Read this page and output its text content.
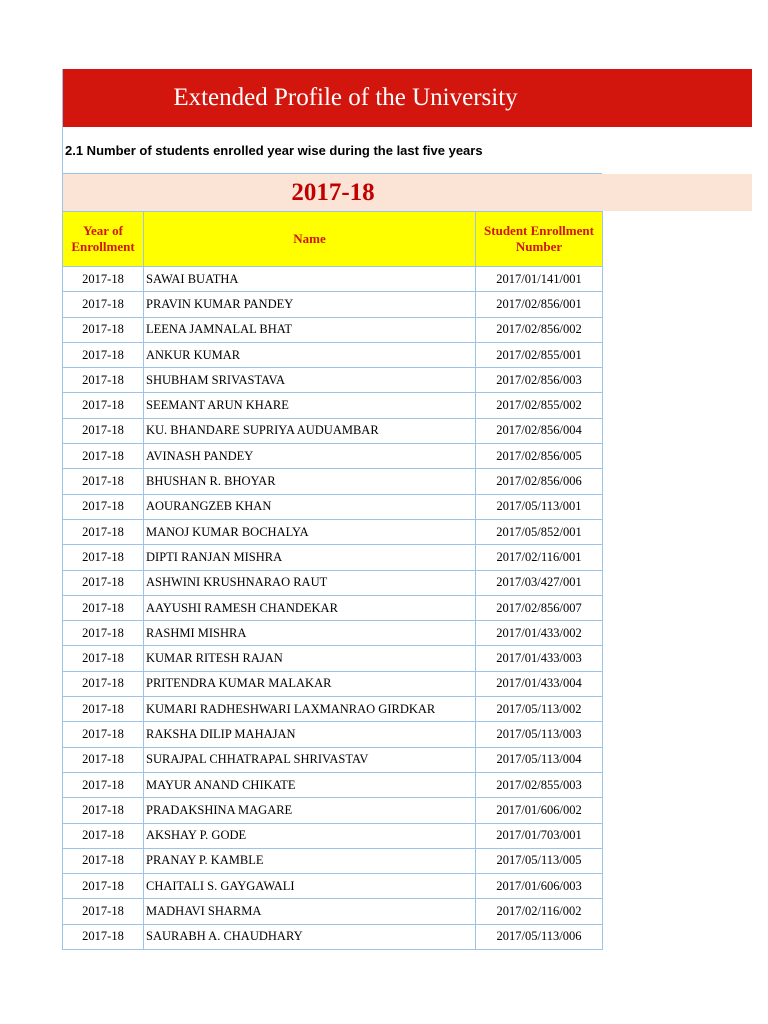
Extended Profile of the University
2.1 Number of students enrolled year wise during the last five years
2017-18
Year of Enrollment	Name	Student Enrollment Number
2017-18	SAWAI BUATHA	2017/01/141/001
2017-18	PRAVIN KUMAR PANDEY	2017/02/856/001
2017-18	LEENA JAMNALAL BHAT	2017/02/856/002
2017-18	ANKUR KUMAR	2017/02/855/001
2017-18	SHUBHAM SRIVASTAVA	2017/02/856/003
2017-18	SEEMANT ARUN KHARE	2017/02/855/002
2017-18	KU. BHANDARE SUPRIYA AUDUAMBAR	2017/02/856/004
2017-18	AVINASH PANDEY	2017/02/856/005
2017-18	BHUSHAN R. BHOYAR	2017/02/856/006
2017-18	AOURANGZEB KHAN	2017/05/113/001
2017-18	MANOJ KUMAR BOCHALYA	2017/05/852/001
2017-18	DIPTI RANJAN MISHRA	2017/02/116/001
2017-18	ASHWINI KRUSHNARAO RAUT	2017/03/427/001
2017-18	AAYUSHI RAMESH CHANDEKAR	2017/02/856/007
2017-18	RASHMI MISHRA	2017/01/433/002
2017-18	KUMAR RITESH RAJAN	2017/01/433/003
2017-18	PRITENDRA KUMAR MALAKAR	2017/01/433/004
2017-18	KUMARI RADHESHWARI LAXMANRAO GIRDKAR	2017/05/113/002
2017-18	RAKSHA DILIP MAHAJAN	2017/05/113/003
2017-18	SURAJPAL CHHATRAPAL SHRIVASTAV	2017/05/113/004
2017-18	MAYUR ANAND CHIKATE	2017/02/855/003
2017-18	PRADAKSHINA MAGARE	2017/01/606/002
2017-18	AKSHAY P. GODE	2017/01/703/001
2017-18	PRANAY P. KAMBLE	2017/05/113/005
2017-18	CHAITALI S. GAYGAWALI	2017/01/606/003
2017-18	MADHAVI SHARMA	2017/02/116/002
2017-18	SAURABH A. CHAUDHARY	2017/05/113/006
